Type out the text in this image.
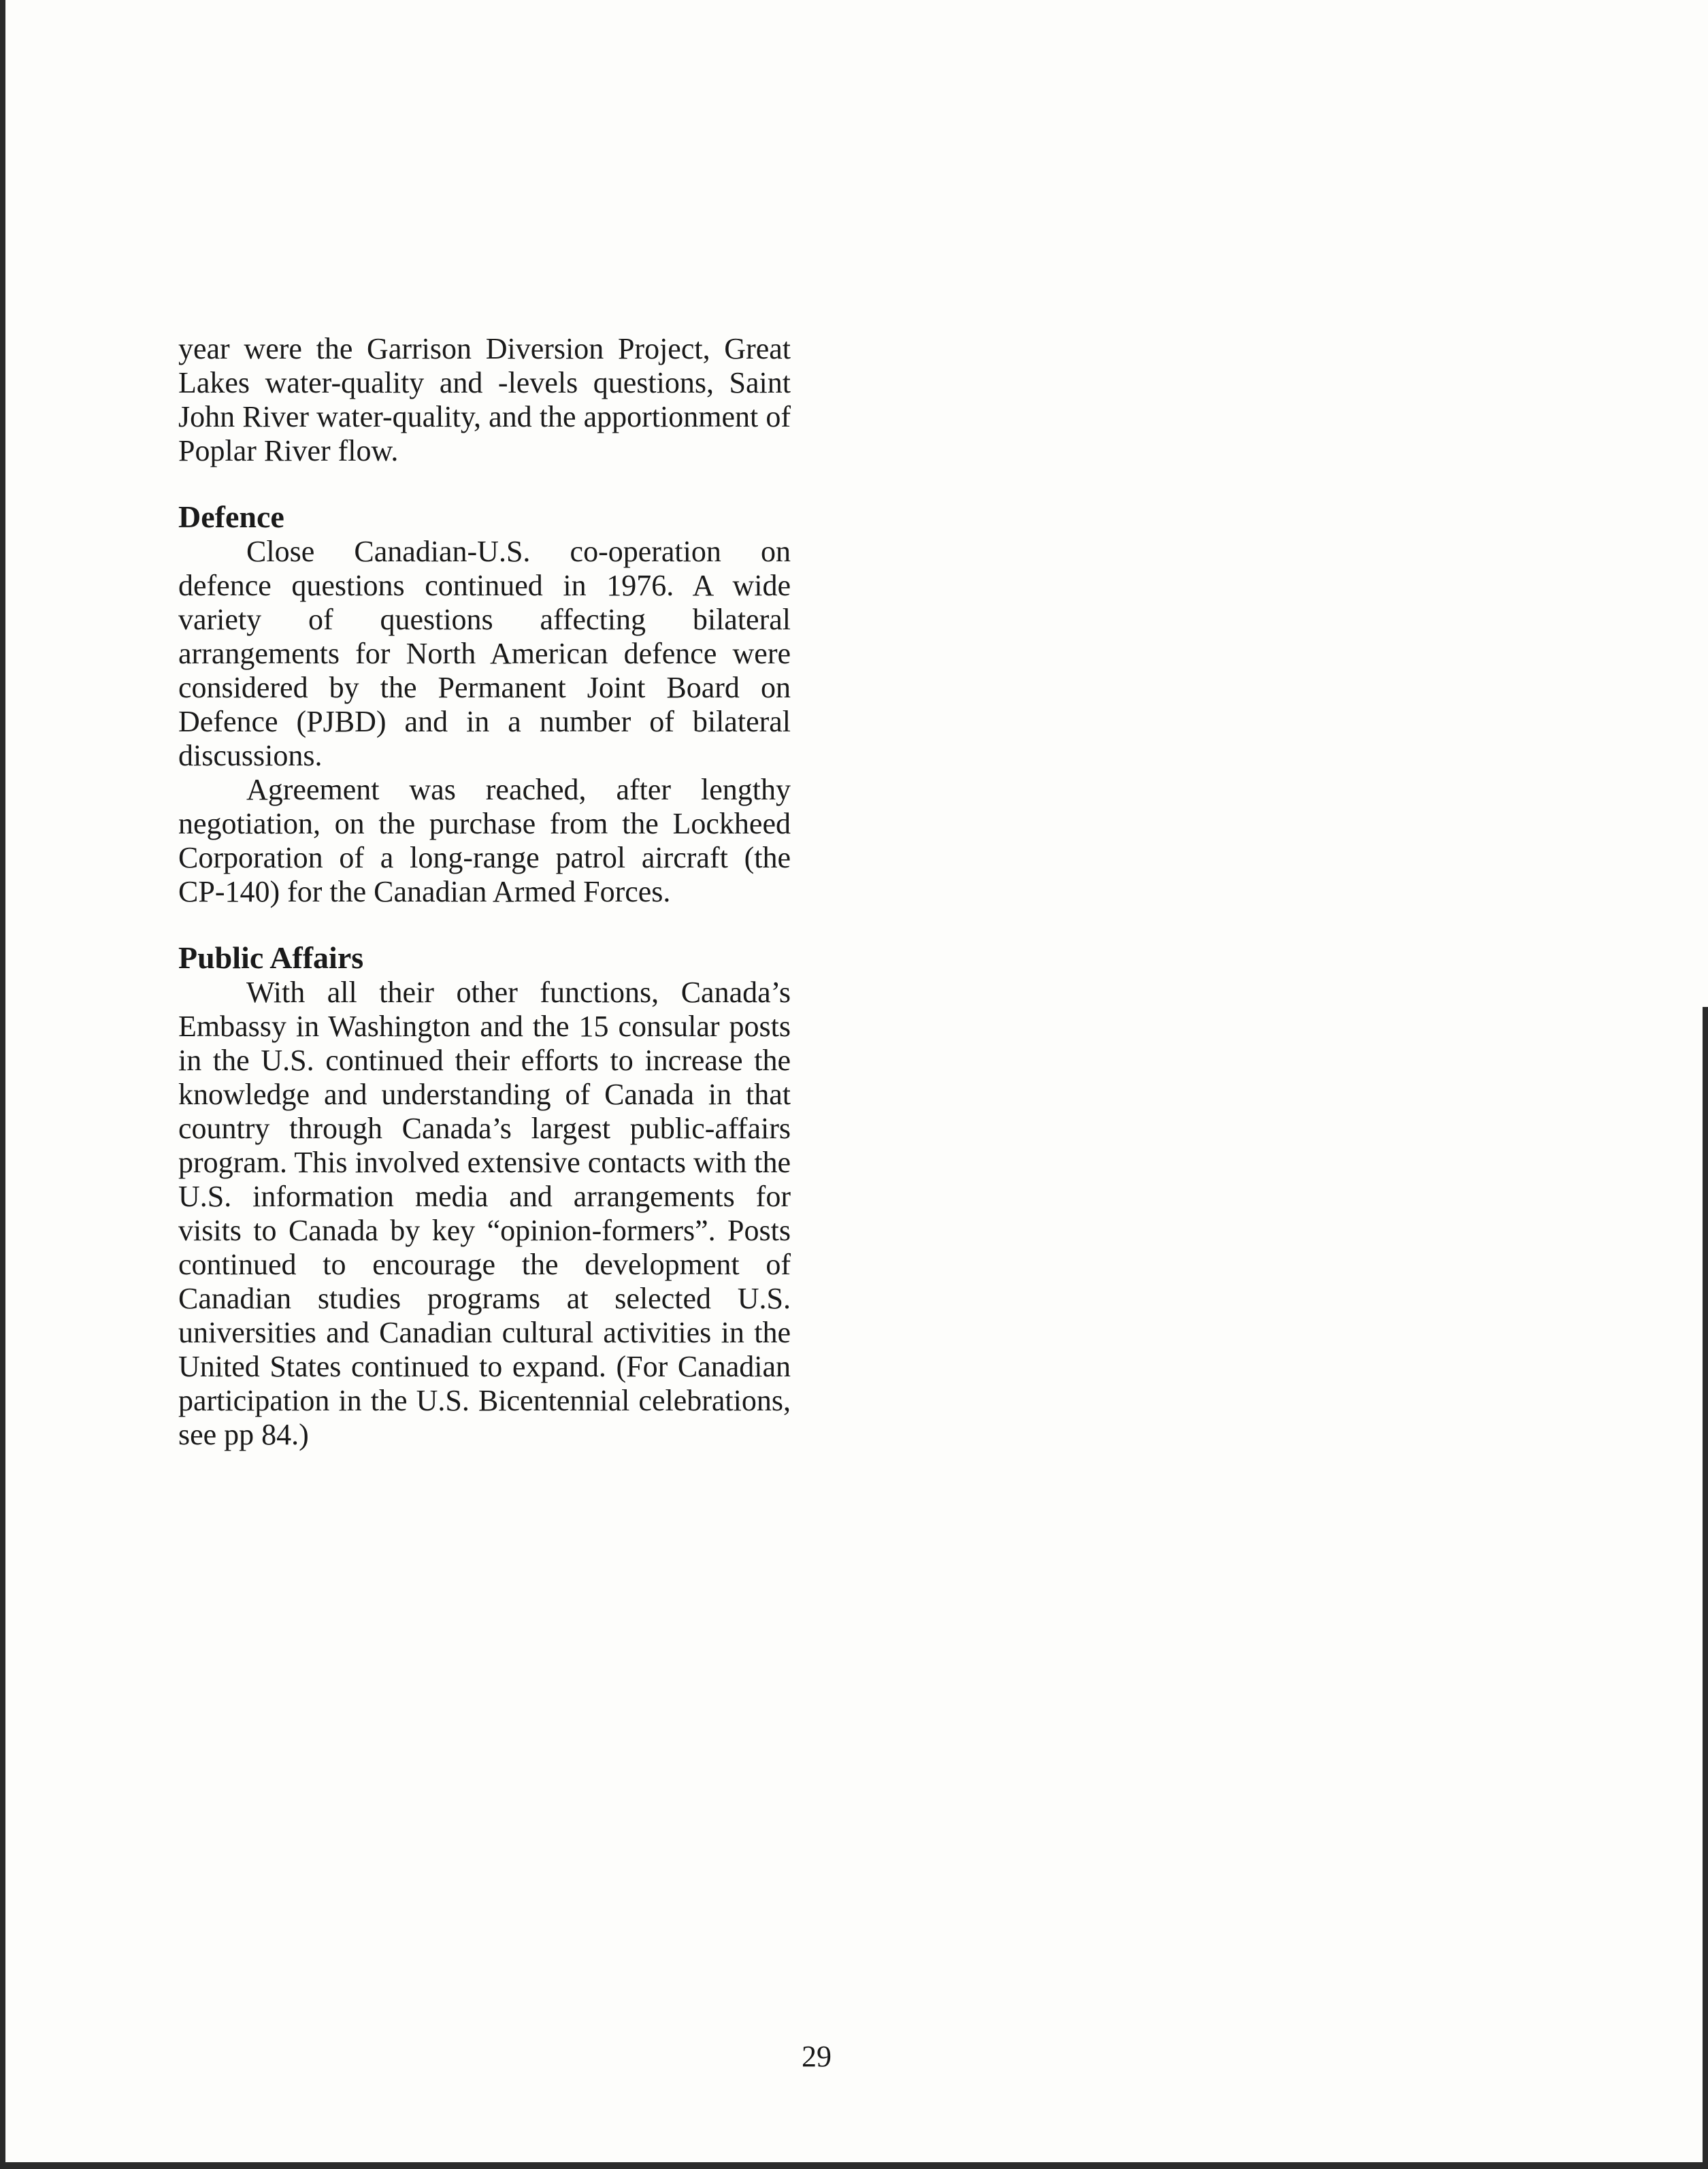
year were the Garrison Diversion Project, Great Lakes water-quality and -levels questions, Saint John River water-quality, and the apportionment of Poplar River flow.

Defence

Close Canadian-U.S. co-operation on defence questions continued in 1976. A wide variety of questions affecting bilateral arrangements for North American defence were considered by the Permanent Joint Board on Defence (PJBD) and in a number of bilateral discussions.

Agreement was reached, after lengthy negotiation, on the purchase from the Lockheed Corporation of a long-range patrol aircraft (the CP-140) for the Canadian Armed Forces.

Public Affairs

With all their other functions, Canada’s Embassy in Washington and the 15 consular posts in the U.S. continued their efforts to increase the knowledge and understanding of Canada in that country through Canada’s largest public-affairs program. This involved extensive contacts with the U.S. information media and arrangements for visits to Canada by key “opinion-formers”. Posts continued to encourage the development of Canadian studies programs at selected U.S. universities and Canadian cultural activities in the United States continued to expand. (For Canadian participation in the U.S. Bicentennial celebrations, see pp 84.)

29
